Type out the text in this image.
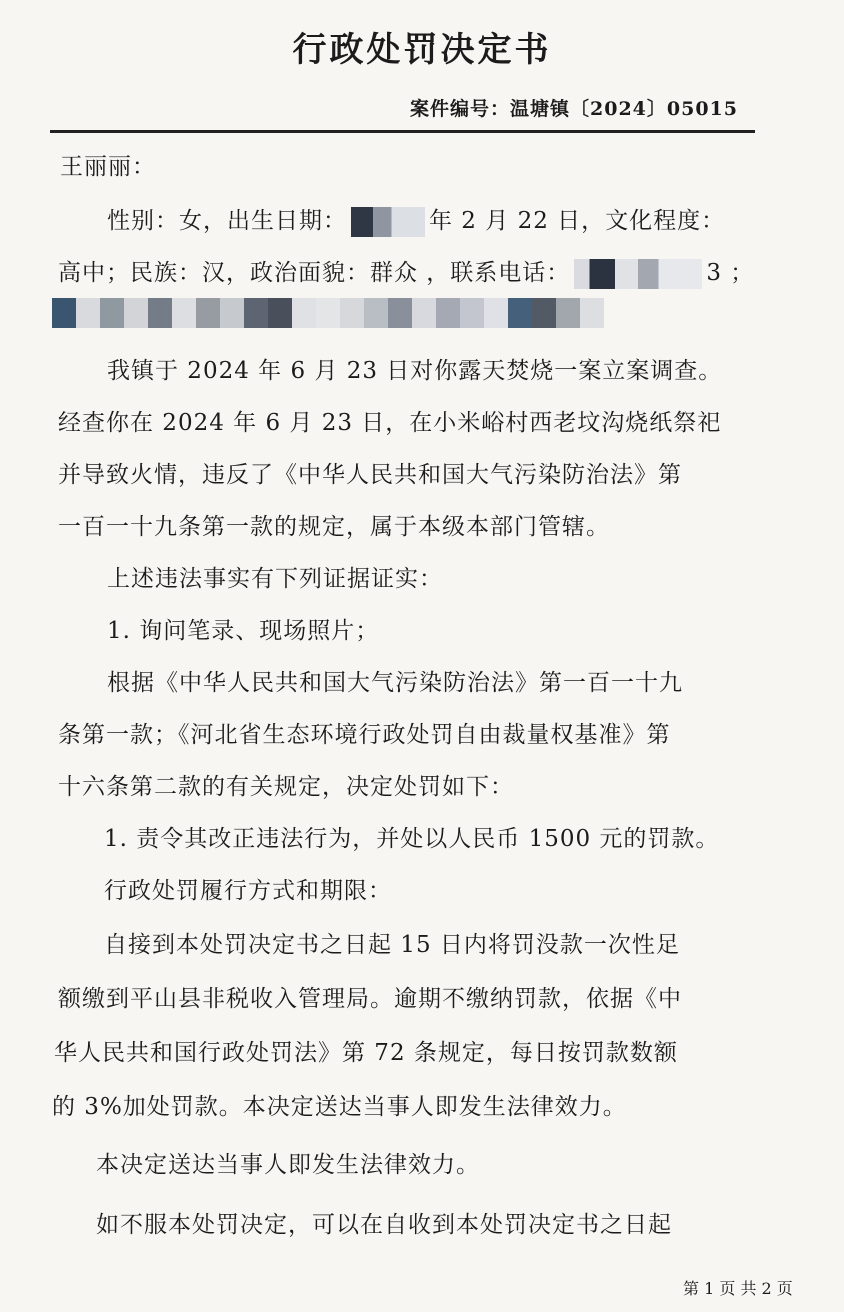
行政处罚决定书
案件编号：温塘镇〔2024〕05015
王丽丽：
性别：女，出生日期：	年 2 月 22 日，文化程度：
高中；民族：汉，政治面貌：群众 ，联系电话：	3 ；
我镇于 2024 年 6 月 23 日对你露天焚烧一案立案调查。
经查你在 2024 年 6 月 23 日，在小米峪村西老坟沟烧纸祭祀
并导致火情，违反了《中华人民共和国大气污染防治法》第
一百一十九条第一款的规定，属于本级本部门管辖。
上述违法事实有下列证据证实：
1. 询问笔录、现场照片；
根据《中华人民共和国大气污染防治法》第一百一十九
条第一款；《河北省生态环境行政处罚自由裁量权基准》第
十六条第二款的有关规定，决定处罚如下：
1. 责令其改正违法行为，并处以人民币 1500 元的罚款。
行政处罚履行方式和期限：
自接到本处罚决定书之日起 15 日内将罚没款一次性足
额缴到平山县非税收入管理局。逾期不缴纳罚款，依据《中
华人民共和国行政处罚法》第 72 条规定，每日按罚款数额
的 3%加处罚款。本决定送达当事人即发生法律效力。
本决定送达当事人即发生法律效力。
如不服本处罚决定，可以在自收到本处罚决定书之日起
第 1 页 共 2 页
